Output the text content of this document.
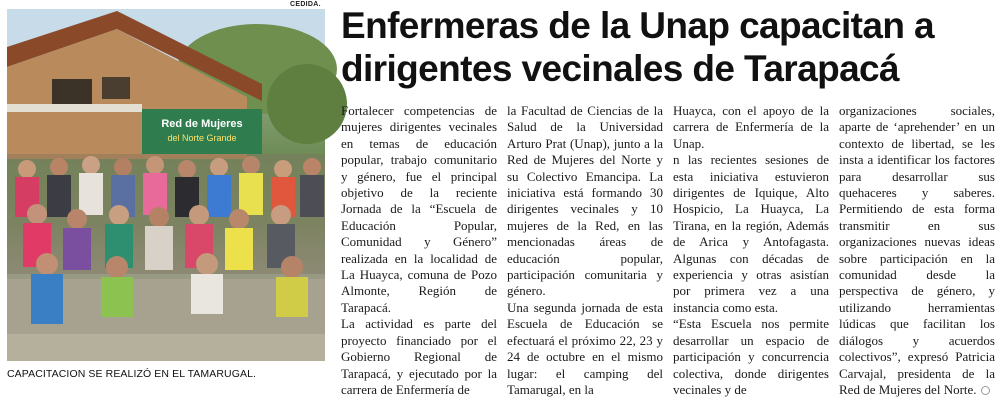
CEDIDA.
Red de Mujeres
del Norte Grande
CAPACITACION SE REALIZÓ EN EL TAMARUGAL.
Enfermeras de la Unap capacitan a dirigentes vecinales de Tarapacá

Fortalecer competencias de mujeres dirigentes vecinales en temas de educación popular, trabajo comunitario y género, fue el principal objetivo de la reciente Jornada de la “Escuela de Educación Popular, Comunidad y Género” realizada en la localidad de La Huayca, comuna de Pozo Almonte, Región de Tarapacá.

La actividad es parte del proyecto financiado por el Gobierno Regional de Tarapacá, y ejecutado por la carrera de Enfermería de

la Facultad de Ciencias de la Salud de la Universidad Arturo Prat (Unap), junto a la Red de Mujeres del Norte y su Colectivo Emancipa. La iniciativa está formando 30 dirigentes vecinales y 10 mujeres de la Red, en las mencionadas áreas de educación popular, participación comunitaria y género.

Una segunda jornada de esta Escuela de Educación se efectuará el próximo 22, 23 y 24 de octubre en el mismo lugar: el camping del Tamarugal, en la

Huayca, con el apoyo de la carrera de Enfermería de la Unap.

n las recientes sesiones de esta iniciativa estuvieron dirigentes de Iquique, Alto Hospicio, La Huayca, La Tirana, en la región, Además de Arica y Antofagasta. Algunas con décadas de experiencia y otras asistían por primera vez a una instancia como esta.

“Esta Escuela nos permite desarrollar un espacio de participación y concurrencia colectiva, donde dirigentes vecinales y de

organizaciones sociales, aparte de ‘aprehender’ en un contexto de libertad, se les insta a identificar los factores para desarrollar sus quehaceres y saberes. Permitiendo de esta forma transmitir en sus organizaciones nuevas ideas sobre participación en la comunidad desde la perspectiva de género, y utilizando herramientas lúdicas que facilitan los diálogos y acuerdos colectivos”, expresó Patricia Carvajal, presidenta de la Red de Mujeres del Norte.
